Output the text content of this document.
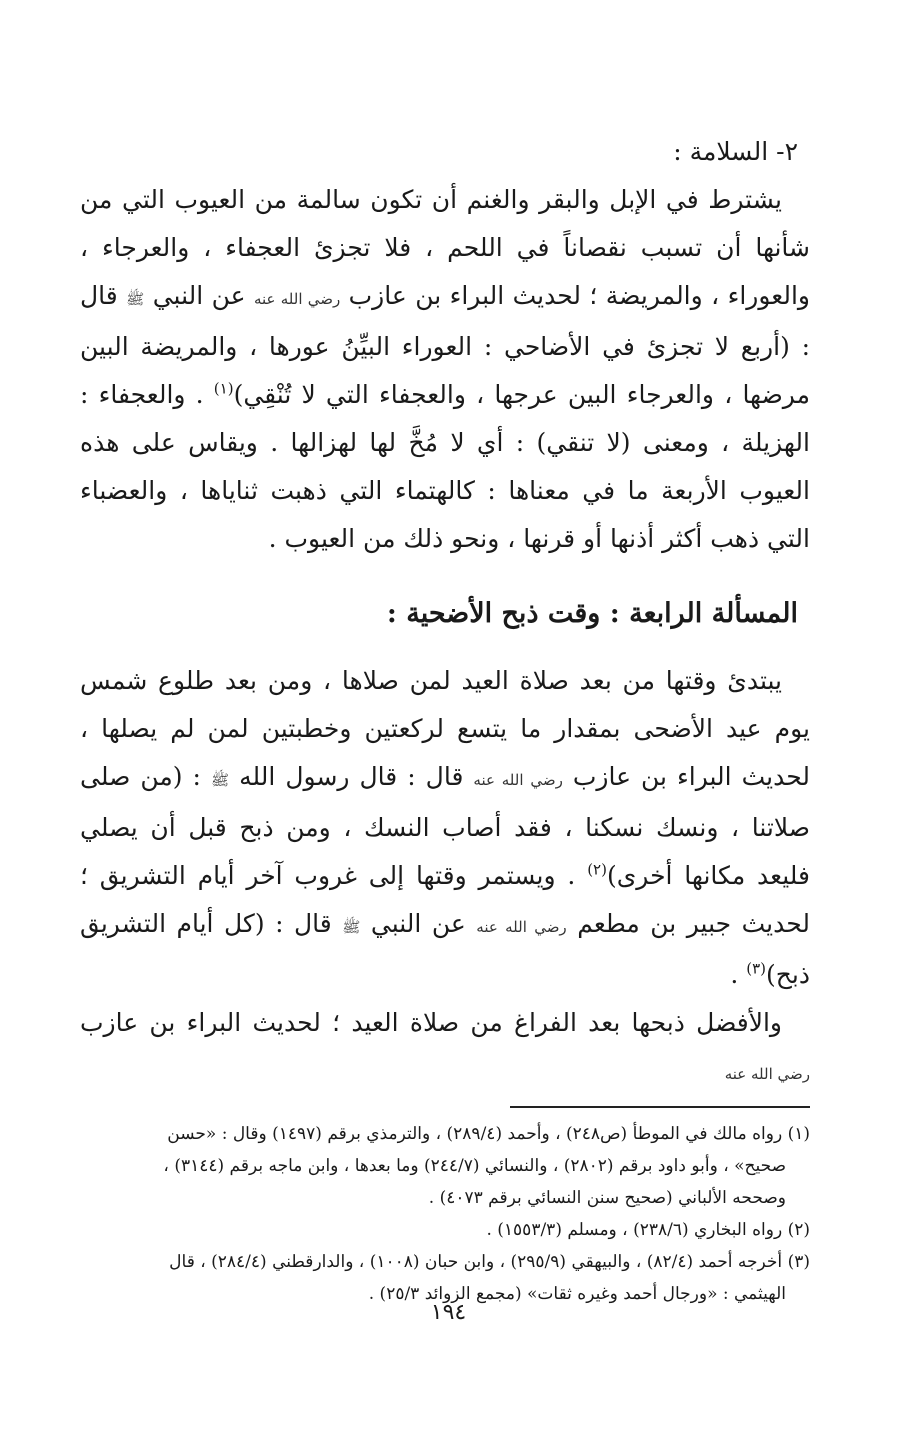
٢- السلامة :

يشترط في الإبل والبقر والغنم أن تكون سالمة من العيوب التي من شأنها أن تسبب نقصاناً في اللحم ، فلا تجزئ العجفاء ، والعرجاء ، والعوراء ، والمريضة ؛ لحديث البراء بن عازب رضي الله عنه عن النبي ﷺ قال : (أربع لا تجزئ في الأضاحي : العوراء البيِّنُ عورها ، والمريضة البين مرضها ، والعرجاء البين عرجها ، والعجفاء التي لا تُنْقِي)$^{(١)}$ . والعجفاء : الهزيلة ، ومعنى (لا تنقي) : أي لا مُخَّ لها لهزالها . ويقاس على هذه العيوب الأربعة ما في معناها : كالهتماء التي ذهبت ثناياها ، والعضباء التي ذهب أكثر أذنها أو قرنها ، ونحو ذلك من العيوب .

المسألة الرابعة : وقت ذبح الأضحية :

يبتدئ وقتها من بعد صلاة العيد لمن صلاها ، ومن بعد طلوع شمس يوم عيد الأضحى بمقدار ما يتسع لركعتين وخطبتين لمن لم يصلها ، لحديث البراء بن عازب رضي الله عنه قال : قال رسول الله ﷺ : (من صلى صلاتنا ، ونسك نسكنا ، فقد أصاب النسك ، ومن ذبح قبل أن يصلي فليعد مكانها أخرى)$^{(٢)}$ . ويستمر وقتها إلى غروب آخر أيام التشريق ؛ لحديث جبير بن مطعم رضي الله عنه عن النبي ﷺ قال : (كل أيام التشريق ذبح)$^{(٣)}$ .

والأفضل ذبحها بعد الفراغ من صلاة العيد ؛ لحديث البراء بن عازب رضي الله عنه

(١) رواه مالك في الموطأ (ص٢٤٨) ، وأحمد (٢٨٩/٤) ، والترمذي برقم (١٤٩٧) وقال : «حسن
صحيح» ، وأبو داود برقم (٢٨٠٢) ، والنسائي (٢٤٤/٧) وما بعدها ، وابن ماجه برقم (٣١٤٤) ،
وصححه الألباني (صحيح سنن النسائي برقم ٤٠٧٣) .

(٢) رواه البخاري (٢٣٨/٦) ، ومسلم (١٥٥٣/٣) .

(٣) أخرجه أحمد (٨٢/٤) ، والبيهقي (٢٩٥/٩) ، وابن حبان (١٠٠٨) ، والدارقطني (٢٨٤/٤) ، قال
الهيثمي : «ورجال أحمد وغيره ثقات» (مجمع الزوائد ٢٥/٣) .

١٩٤
